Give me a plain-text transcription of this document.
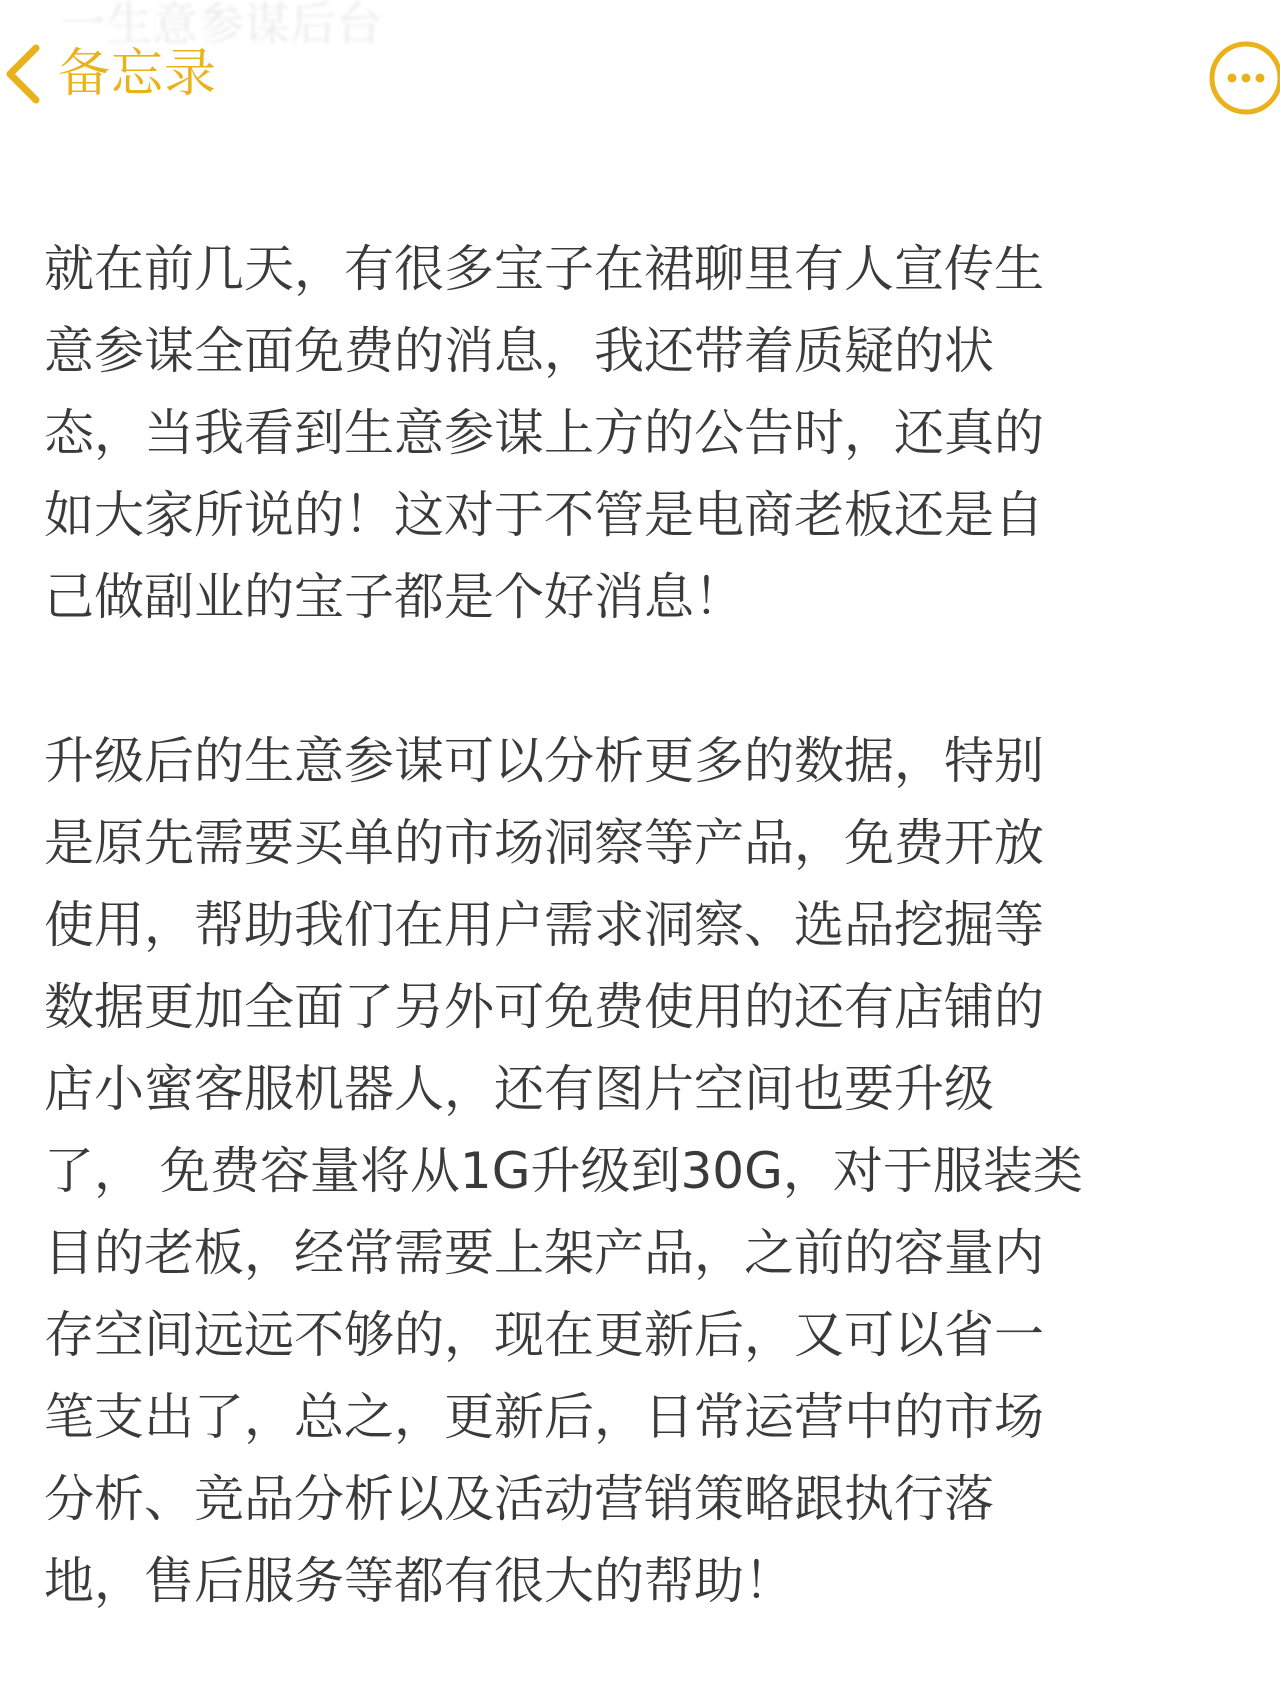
一生意参谋后台
备忘录

就在前几天，有很多宝子在裙聊里有人宣传生
意参谋全面免费的消息，我还带着质疑的状
态，当我看到生意参谋上方的公告时，还真的
如大家所说的！这对于不管是电商老板还是自
己做副业的宝子都是个好消息！

升级后的生意参谋可以分析更多的数据，特别
是原先需要买单的市场洞察等产品，免费开放
使用，帮助我们在用户需求洞察、选品挖掘等
数据更加全面了另外可免费使用的还有店铺的
店小蜜客服机器人，还有图片空间也要升级
了， 免费容量将从1G升级到30G，对于服装类
目的老板，经常需要上架产品，之前的容量内
存空间远远不够的，现在更新后，又可以省一
笔支出了，总之，更新后，日常运营中的市场
分析、竞品分析以及活动营销策略跟执行落
地，售后服务等都有很大的帮助！
